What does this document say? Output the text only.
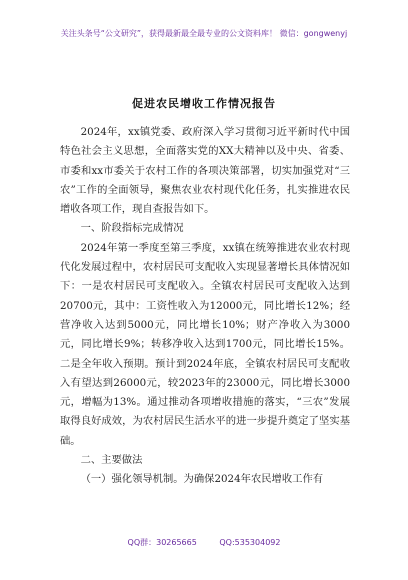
关注头条号“公文研究”，获得最新最全最专业的公文资料库！ 微信：gongwenyj
促进农民增收工作情况报告

2024年，xx镇党委、政府深入学习贯彻习近平新时代中国特色社会主义思想，全面落实党的XX大精神以及中央、省委、市委和xx市委关于农村工作的各项决策部署，切实加强党对“三农”工作的全面领导，聚焦农业农村现代化任务，扎实推进农民增收各项工作，现自查报告如下。

一、阶段指标完成情况

2024年第一季度至第三季度，xx镇在统筹推进农业农村现代化发展过程中，农村居民可支配收入实现显著增长具体情况如下：一是农村居民可支配收入。全镇农村居民可支配收入达到20700元，其中：工资性收入为12000元，同比增长12%；经营净收入达到5000元，同比增长10%；财产净收入为3000元，同比增长9%；转移净收入达到1700元，同比增长15%。二是全年收入预期。预计到2024年底，全镇农村居民可支配收入有望达到26000元，较2023年的23000元，同比增长3000元，增幅为13%。通过推动各项增收措施的落实，“三农”发展取得良好成效，为农村居民生活水平的进一步提升奠定了坚实基础。

二、主要做法

（一）强化领导机制。为确保2024年农民增收工作有

QQ群：30265665	QQ:535304092
